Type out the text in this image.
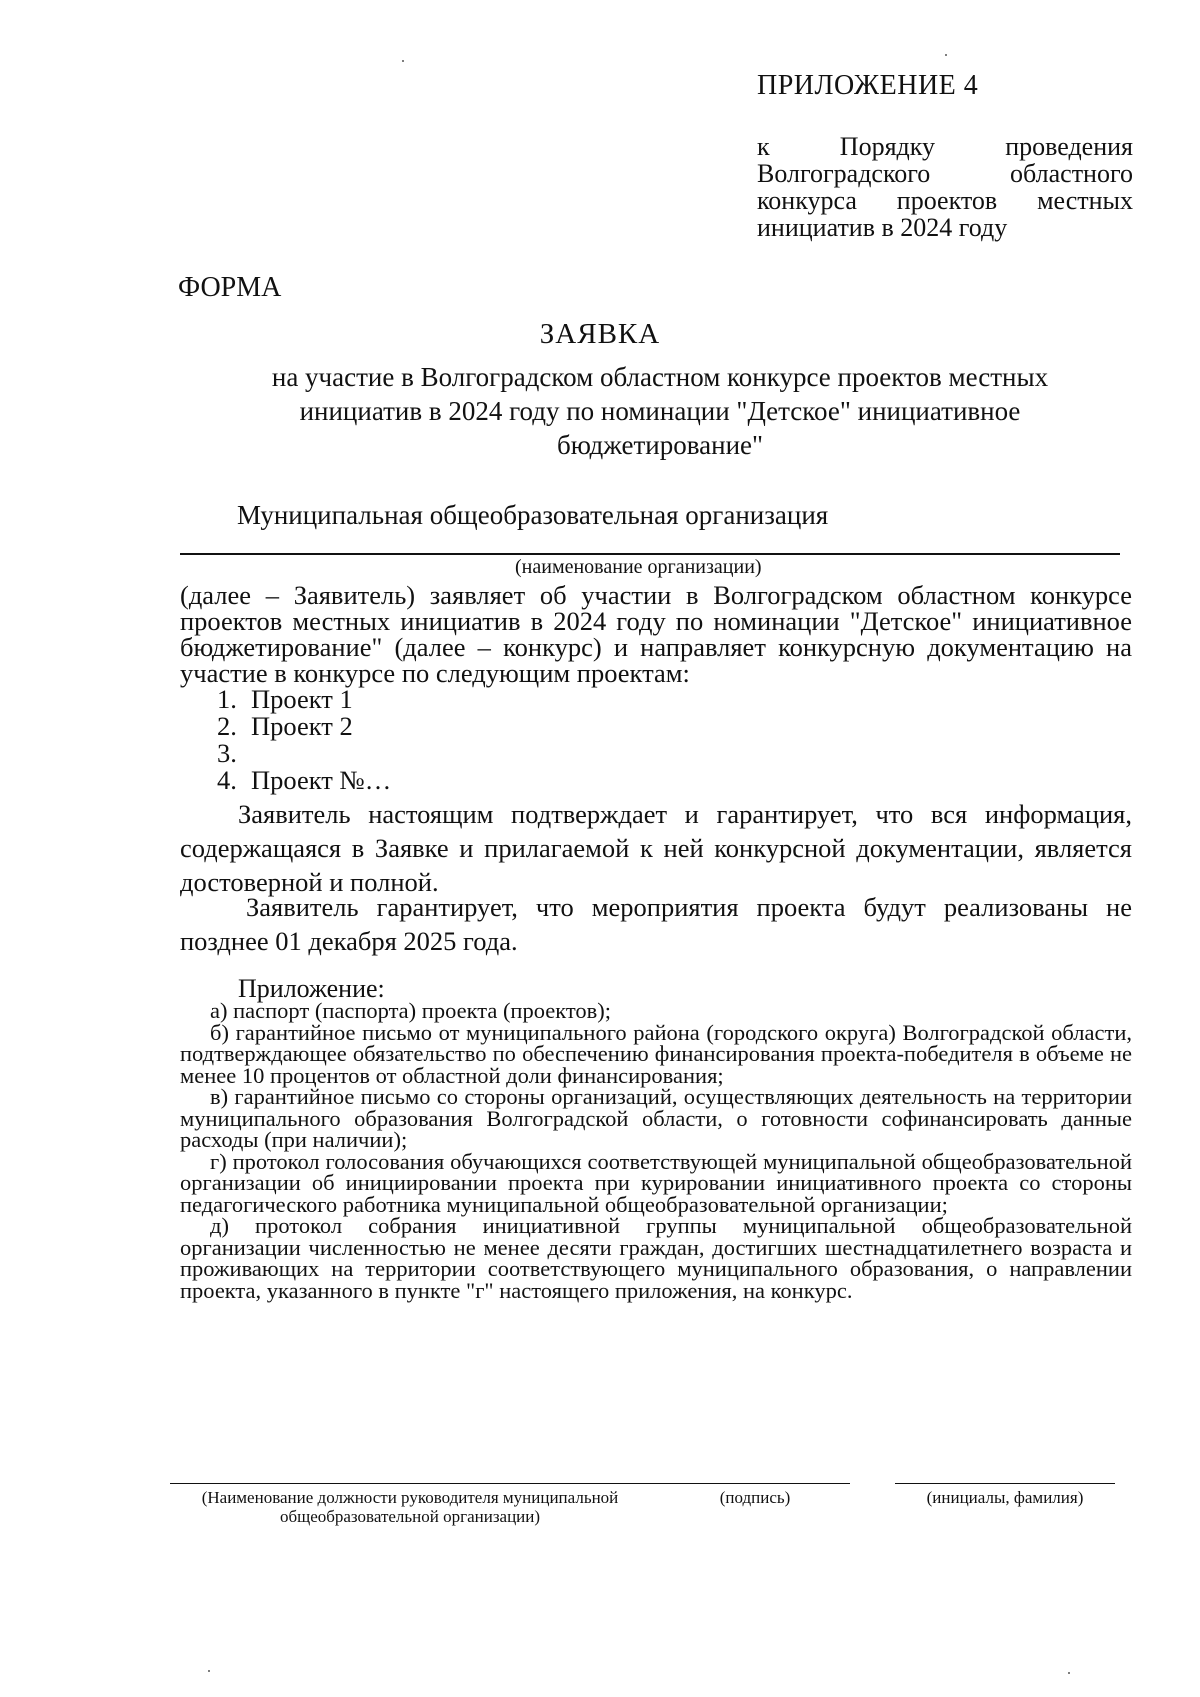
ПРИЛОЖЕНИЕ 4
к Порядку проведения Волгоградского областного конкурса проектов местных инициатив в 2024 году
ФОРМА
ЗАЯВКА
на участие в Волгоградском областном конкурсе проектов местных инициатив в 2024 году по номинации "Детское" инициативное бюджетирование"
Муниципальная общеобразовательная организация
(наименование организации)
(далее – Заявитель) заявляет об участии в Волгоградском областном конкурсе проектов местных инициатив в 2024 году по номинации "Детское" инициативное бюджетирование" (далее – конкурс) и направляет конкурсную документацию на участие в конкурсе по следующим проектам:
1. Проект 1
2. Проект 2
3.
4. Проект №…
Заявитель настоящим подтверждает и гарантирует, что вся информация, содержащаяся в Заявке и прилагаемой к ней конкурсной документации, является достоверной и полной.
Заявитель гарантирует, что мероприятия проекта будут реализованы не позднее 01 декабря 2025 года.
Приложение:

а) паспорт (паспорта) проекта (проектов);

б) гарантийное письмо от муниципального района (городского округа) Волгоградской области, подтверждающее обязательство по обеспечению финансирования проекта-победителя в объеме не менее 10 процентов от областной доли финансирования;

в) гарантийное письмо со стороны организаций, осуществляющих деятельность на территории муниципального образования Волгоградской области, о готовности софинансировать данные расходы (при наличии);

г) протокол голосования обучающихся соответствующей муниципальной общеобразовательной организации об инициировании проекта при курировании инициативного проекта со стороны педагогического работника муниципальной общеобразовательной организации;

д) протокол собрания инициативной группы муниципальной общеобразовательной организации численностью не менее десяти граждан, достигших шестнадцатилетнего возраста и проживающих на территории соответствующего муниципального образования, о направлении проекта, указанного в пункте "г" настоящего приложения, на конкурс.

(Наименование должности руководителя муниципальной общеобразовательной организации)
(подпись)	(инициалы, фамилия)
